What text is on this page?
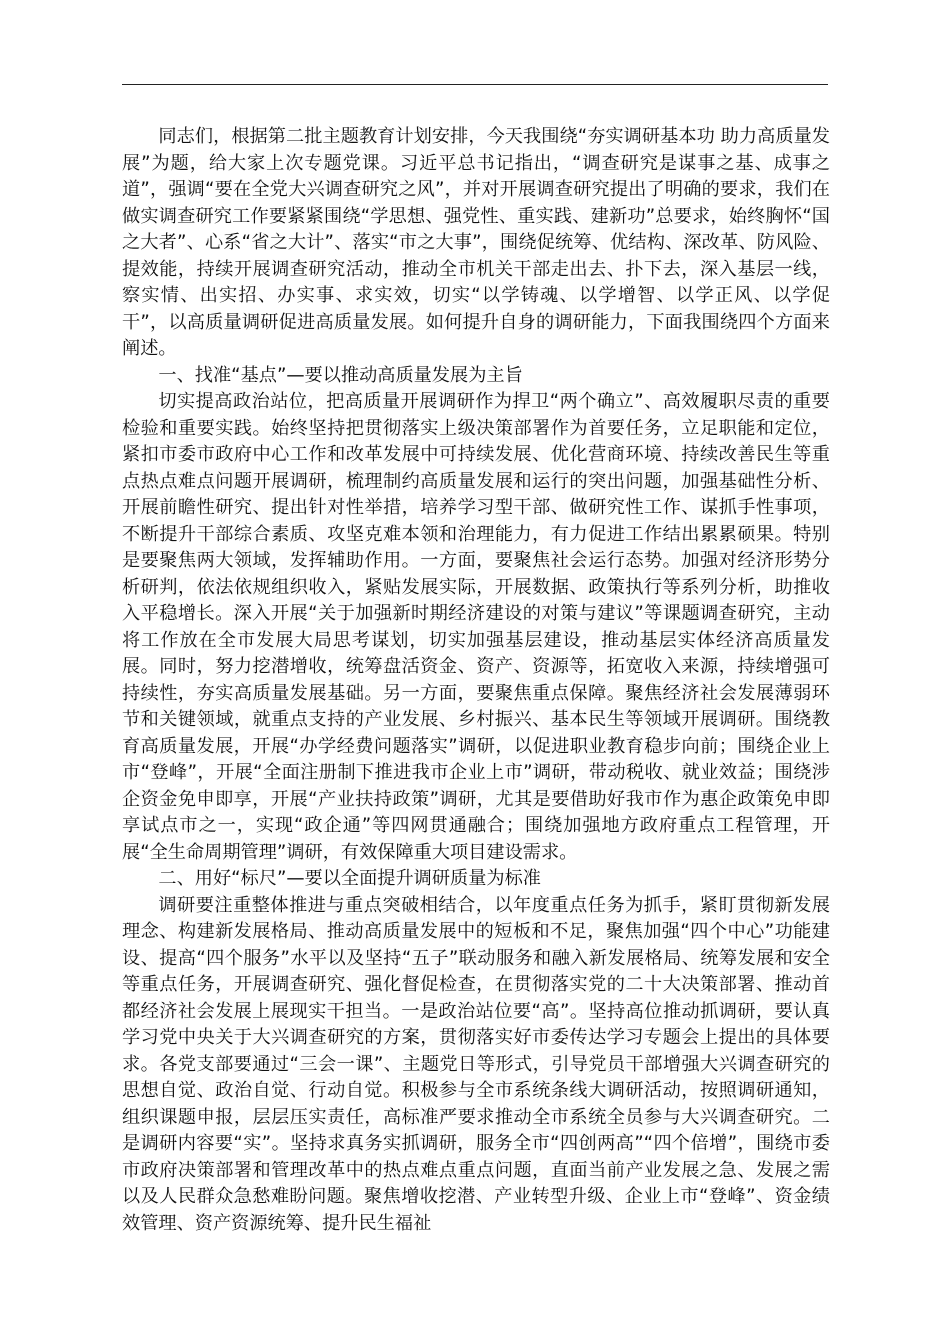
同志们，根据第二批主题教育计划安排，今天我围绕“夯实调研基本功 助力高质量发展”为题，给大家上次专题党课。习近平总书记指出，“调查研究是谋事之基、成事之道”，强调“要在全党大兴调查研究之风”，并对开展调查研究提出了明确的要求，我们在做实调查研究工作要紧紧围绕“学思想、强党性、重实践、建新功”总要求，始终胸怀“国之大者”、心系“省之大计”、落实“市之大事”，围绕促统筹、优结构、深改革、防风险、提效能，持续开展调查研究活动，推动全市机关干部走出去、扑下去，深入基层一线，察实情、出实招、办实事、求实效，切实“以学铸魂、以学增智、以学正风、以学促干”，以高质量调研促进高质量发展。如何提升自身的调研能力，下面我围绕四个方面来阐述。

一、找准“基点”—要以推动高质量发展为主旨

切实提高政治站位，把高质量开展调研作为捍卫“两个确立”、高效履职尽责的重要检验和重要实践。始终坚持把贯彻落实上级决策部署作为首要任务，立足职能和定位，紧扣市委市政府中心工作和改革发展中可持续发展、优化营商环境、持续改善民生等重点热点难点问题开展调研，梳理制约高质量发展和运行的突出问题，加强基础性分析、开展前瞻性研究、提出针对性举措，培养学习型干部、做研究性工作、谋抓手性事项，不断提升干部综合素质、攻坚克难本领和治理能力，有力促进工作结出累累硕果。特别是要聚焦两大领域，发挥辅助作用。一方面，要聚焦社会运行态势。加强对经济形势分析研判，依法依规组织收入，紧贴发展实际，开展数据、政策执行等系列分析，助推收入平稳增长。深入开展“关于加强新时期经济建设的对策与建议”等课题调查研究，主动将工作放在全市发展大局思考谋划，切实加强基层建设，推动基层实体经济高质量发展。同时，努力挖潜增收，统筹盘活资金、资产、资源等，拓宽收入来源，持续增强可持续性，夯实高质量发展基础。另一方面，要聚焦重点保障。聚焦经济社会发展薄弱环节和关键领域，就重点支持的产业发展、乡村振兴、基本民生等领域开展调研。围绕教育高质量发展，开展“办学经费问题落实”调研，以促进职业教育稳步向前；围绕企业上市“登峰”，开展“全面注册制下推进我市企业上市”调研，带动税收、就业效益；围绕涉企资金免申即享，开展“产业扶持政策”调研，尤其是要借助好我市作为惠企政策免申即享试点市之一，实现“政企通”等四网贯通融合；围绕加强地方政府重点工程管理，开展“全生命周期管理”调研，有效保障重大项目建设需求。

二、用好“标尺”—要以全面提升调研质量为标准

调研要注重整体推进与重点突破相结合，以年度重点任务为抓手，紧盯贯彻新发展理念、构建新发展格局、推动高质量发展中的短板和不足，聚焦加强“四个中心”功能建设、提高“四个服务”水平以及坚持“五子”联动服务和融入新发展格局、统筹发展和安全等重点任务，开展调查研究、强化督促检查，在贯彻落实党的二十大决策部署、推动首都经济社会发展上展现实干担当。一是政治站位要“高”。坚持高位推动抓调研，要认真学习党中央关于大兴调查研究的方案，贯彻落实好市委传达学习专题会上提出的具体要求。各党支部要通过“三会一课”、主题党日等形式，引导党员干部增强大兴调查研究的思想自觉、政治自觉、行动自觉。积极参与全市系统条线大调研活动，按照调研通知，组织课题申报，层层压实责任，高标准严要求推动全市系统全员参与大兴调查研究。二是调研内容要“实”。坚持求真务实抓调研，服务全市“四创两高”“四个倍增”，围绕市委市政府决策部署和管理改革中的热点难点重点问题，直面当前产业发展之急、发展之需以及人民群众急愁难盼问题。聚焦增收挖潜、产业转型升级、企业上市“登峰”、资金绩效管理、资产资源统筹、提升民生福祉
